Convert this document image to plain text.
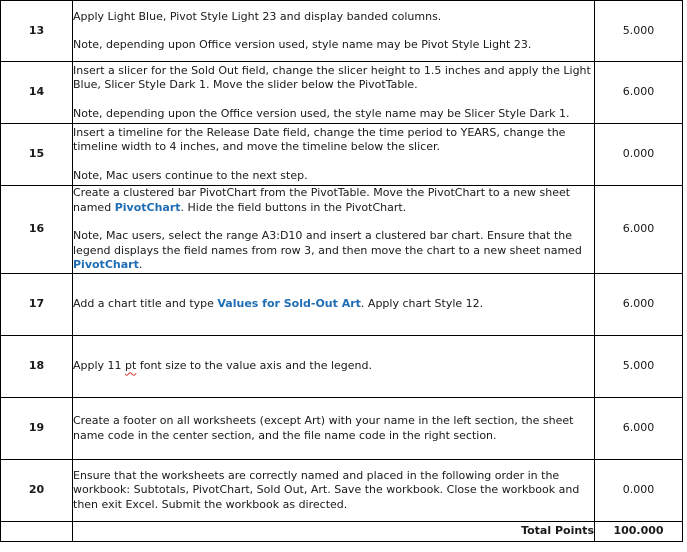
13	Apply Light Blue, Pivot Style Light 23 and display banded columns.
Note, depending upon Office version used, style name may be Pivot Style Light 23.	5.000
14	Insert a slicer for the Sold Out field, change the slicer height to 1.5 inches and apply the Light Blue, Slicer Style Dark 1. Move the slider below the PivotTable.
Note, depending upon the Office version used, the style name may be Slicer Style Dark 1.	6.000
15	Insert a timeline for the Release Date field, change the time period to YEARS, change the timeline width to 4 inches, and move the timeline below the slicer.
Note, Mac users continue to the next step.	0.000
16	Create a clustered bar PivotChart from the PivotTable. Move the PivotChart to a new sheet named PivotChart. Hide the field buttons in the PivotChart.
Note, Mac users, select the range A3:D10 and insert a clustered bar chart. Ensure that the legend displays the field names from row 3, and then move the chart to a new sheet named PivotChart.	6.000
17	Add a chart title and type Values for Sold-Out Art. Apply chart Style 12.	6.000
18	Apply 11 pt font size to the value axis and the legend.	5.000
19	Create a footer on all worksheets (except Art) with your name in the left section, the sheet name code in the center section, and the file name code in the right section.	6.000
20	Ensure that the worksheets are correctly named and placed in the following order in the workbook: Subtotals, PivotChart, Sold Out, Art. Save the workbook. Close the workbook and then exit Excel. Submit the workbook as directed.	0.000
	Total Points	100.000
